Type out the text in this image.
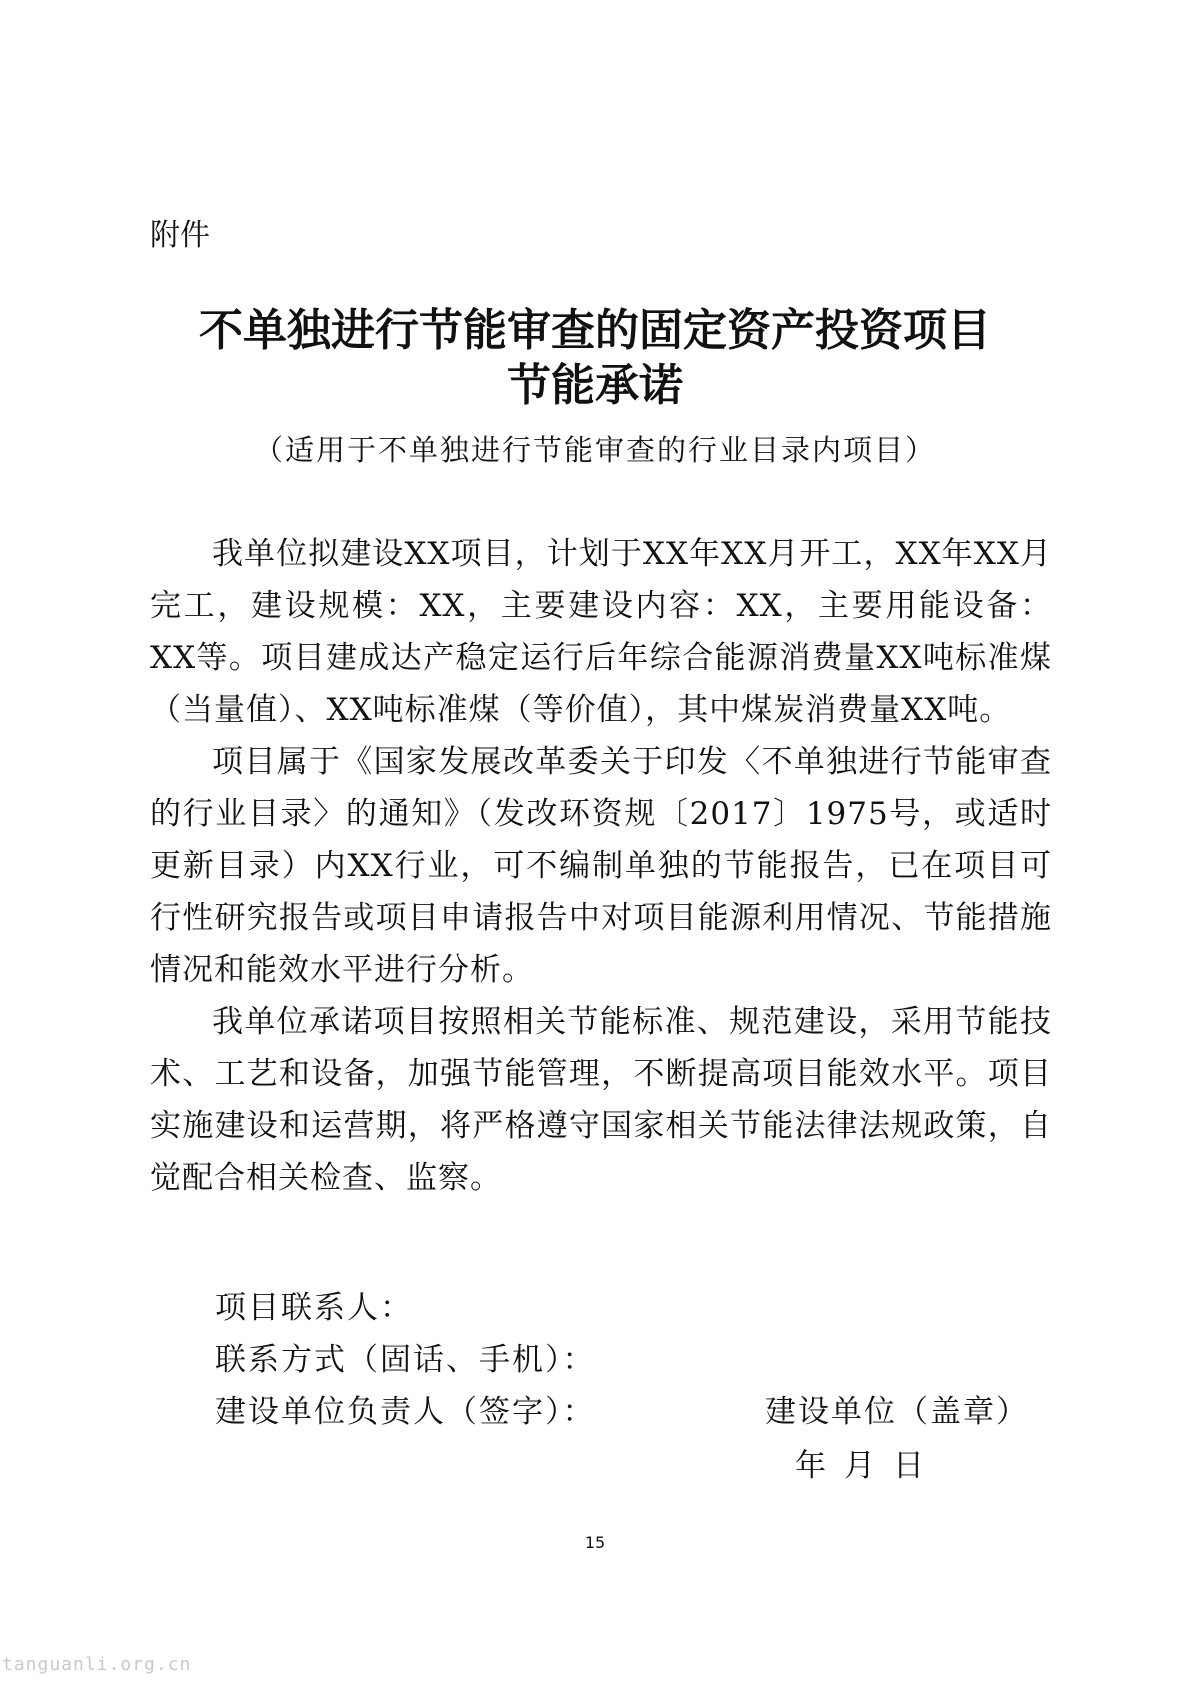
附件

不单独进行节能审查的固定资产投资项目
节能承诺

（适用于不单独进行节能审查的行业目录内项目）

我单位拟建设XX项目，计划于XX年XX月开工，XX年XX月完工，建设规模：XX，主要建设内容：XX，主要用能设备：XX等。项目建成达产稳定运行后年综合能源消费量XX吨标准煤（当量值）、XX吨标准煤（等价值），其中煤炭消费量XX吨。

项目属于《国家发展改革委关于印发〈不单独进行节能审查的行业目录〉的通知》（发改环资规〔2017〕1975号，或适时更新目录）内XX行业，可不编制单独的节能报告，已在项目可行性研究报告或项目申请报告中对项目能源利用情况、节能措施情况和能效水平进行分析。

我单位承诺项目按照相关节能标准、规范建设，采用节能技术、工艺和设备，加强节能管理，不断提高项目能效水平。项目实施建设和运营期，将严格遵守国家相关节能法律法规政策，自觉配合相关检查、监察。

项目联系人：
联系方式（固话、手机）：
建设单位负责人（签字）：	建设单位（盖章）
年月日
15
tanguanli.org.cn
